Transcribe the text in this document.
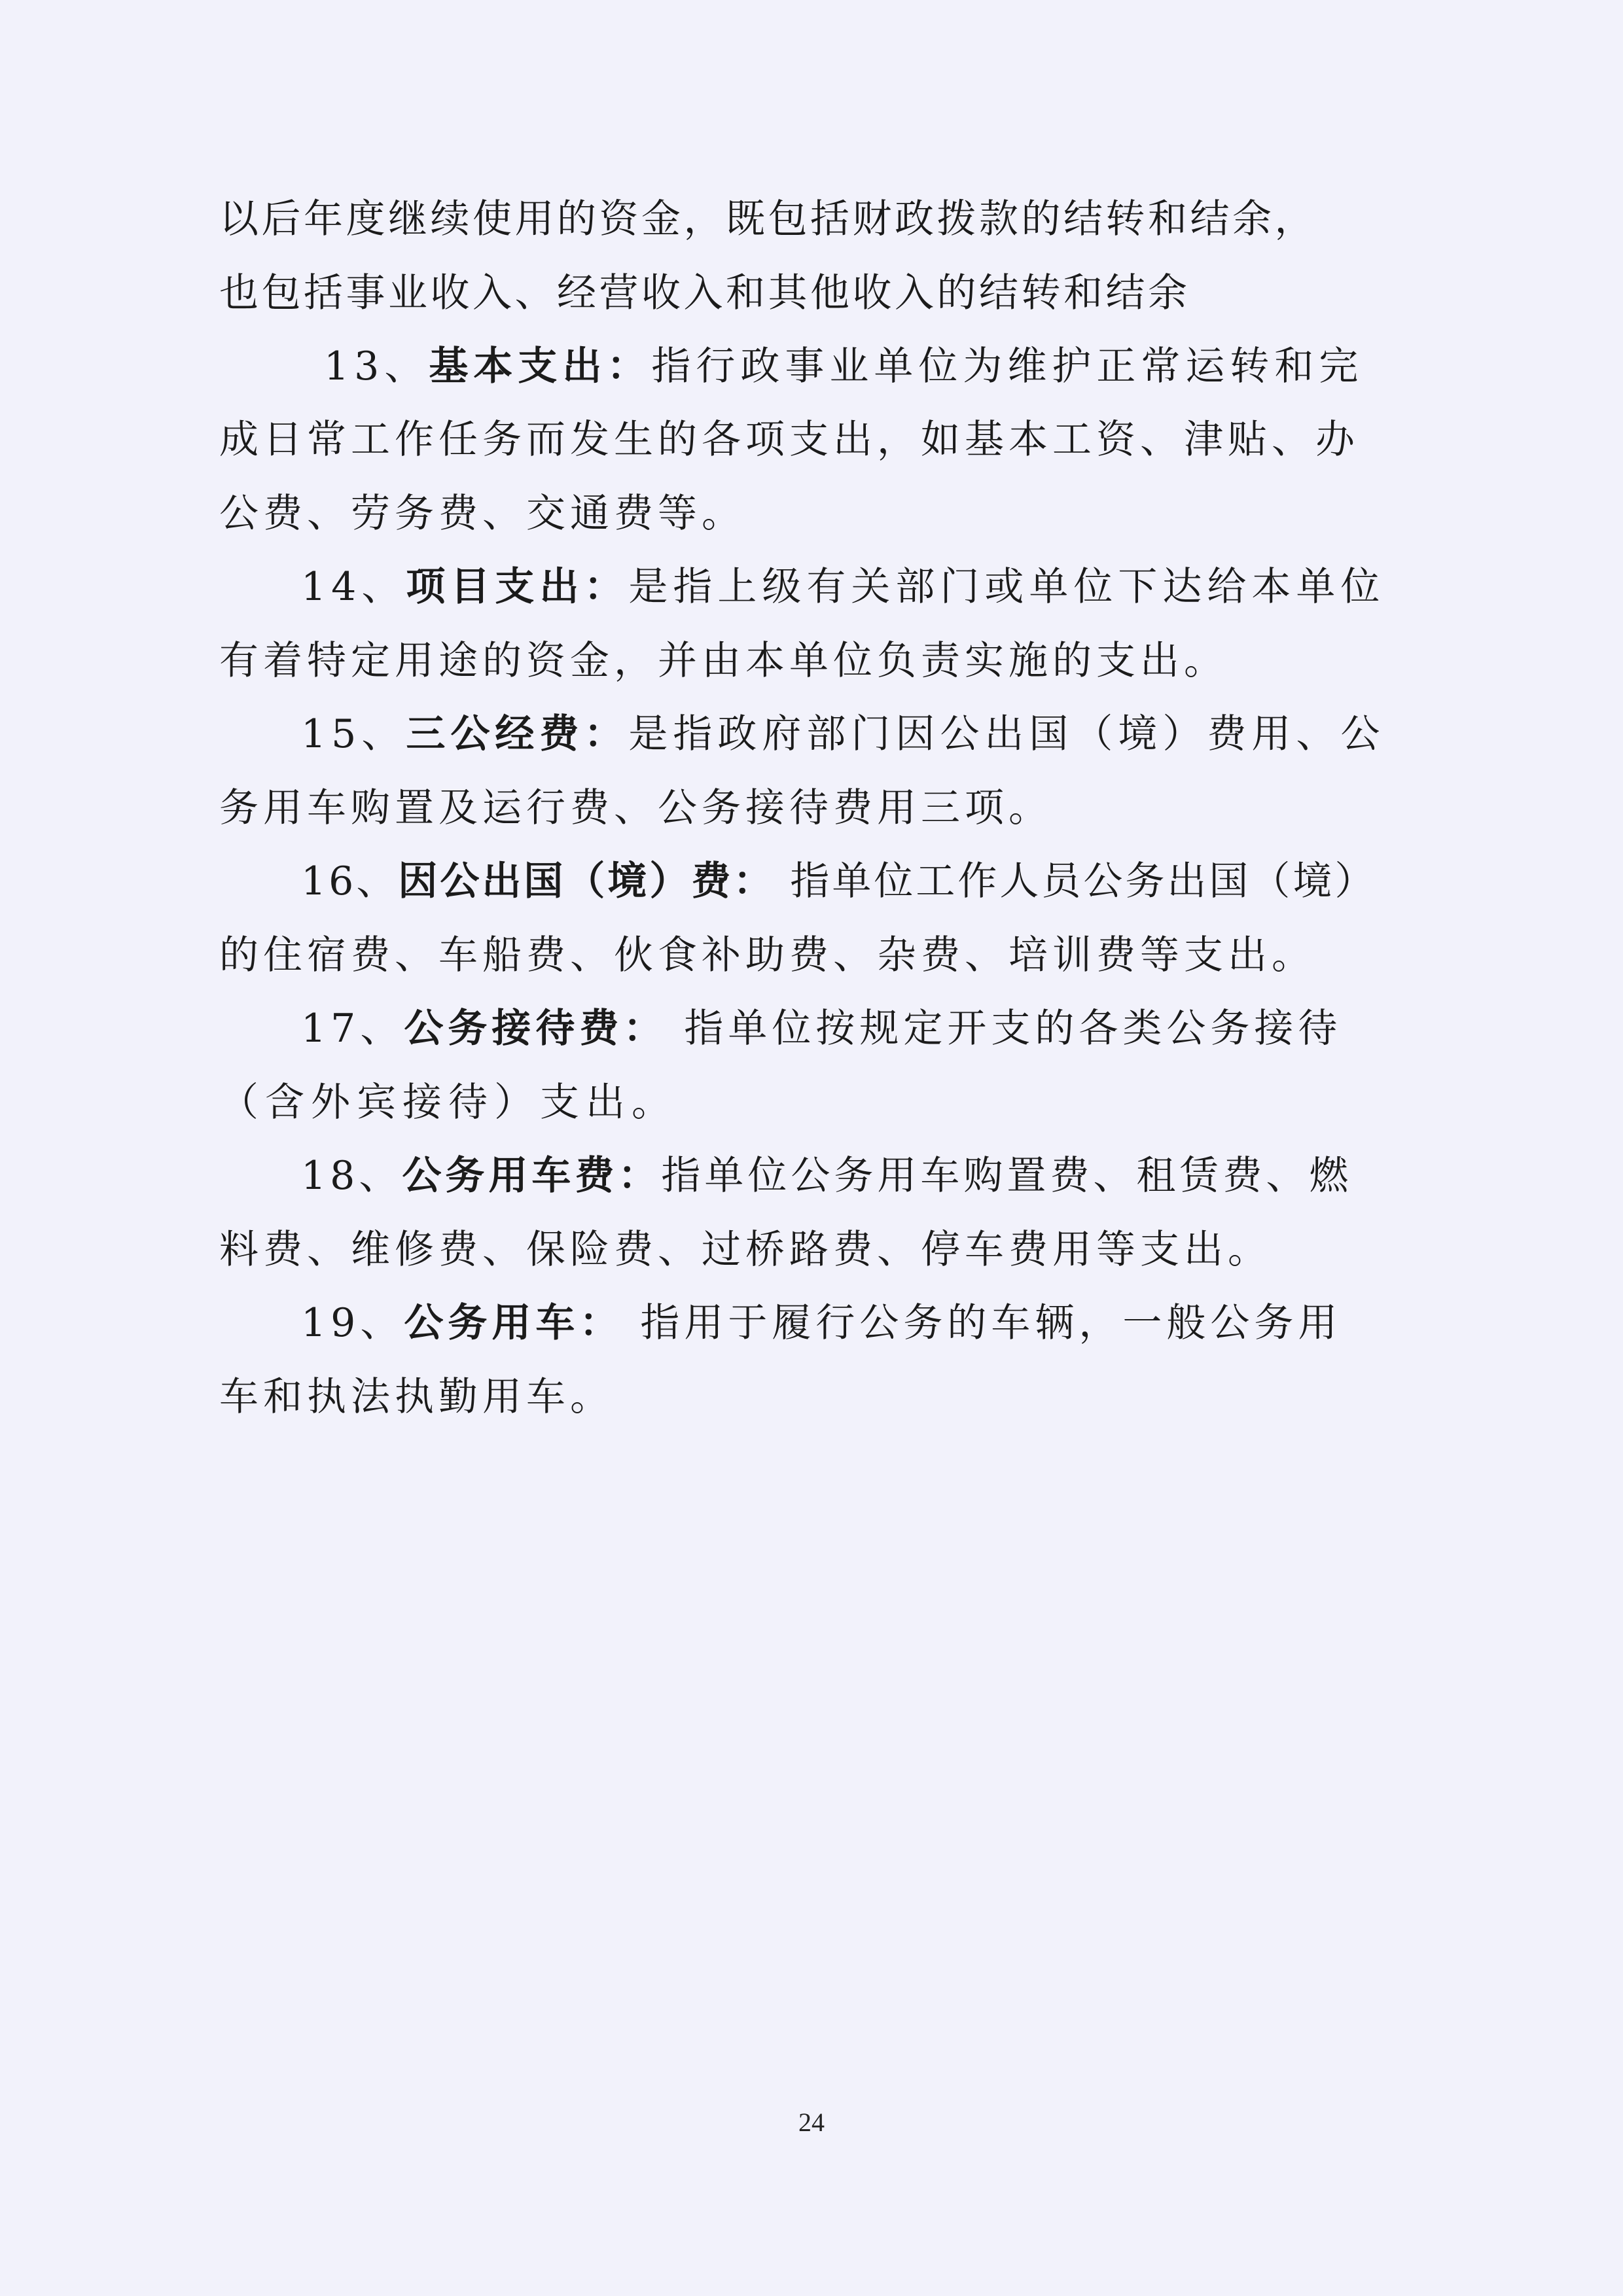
以后年度继续使用的资金，既包括财政拨款的结转和结余，
也包括事业收入、经营收入和其他收入的结转和结余
13、基本支出：指行政事业单位为维护正常运转和完
成日常工作任务而发生的各项支出，如基本工资、津贴、办
公费、劳务费、交通费等。
14、项目支出：是指上级有关部门或单位下达给本单位
有着特定用途的资金，并由本单位负责实施的支出。
15、三公经费：是指政府部门因公出国（境）费用、公
务用车购置及运行费、公务接待费用三项。
16、因公出国（境）费： 指单位工作人员公务出国（境）
的住宿费、车船费、伙食补助费、杂费、培训费等支出。
17、公务接待费： 指单位按规定开支的各类公务接待
（含外宾接待）支出。
18、公务用车费：指单位公务用车购置费、租赁费、燃
料费、维修费、保险费、过桥路费、停车费用等支出。
19、公务用车： 指用于履行公务的车辆，一般公务用
车和执法执勤用车。
24
